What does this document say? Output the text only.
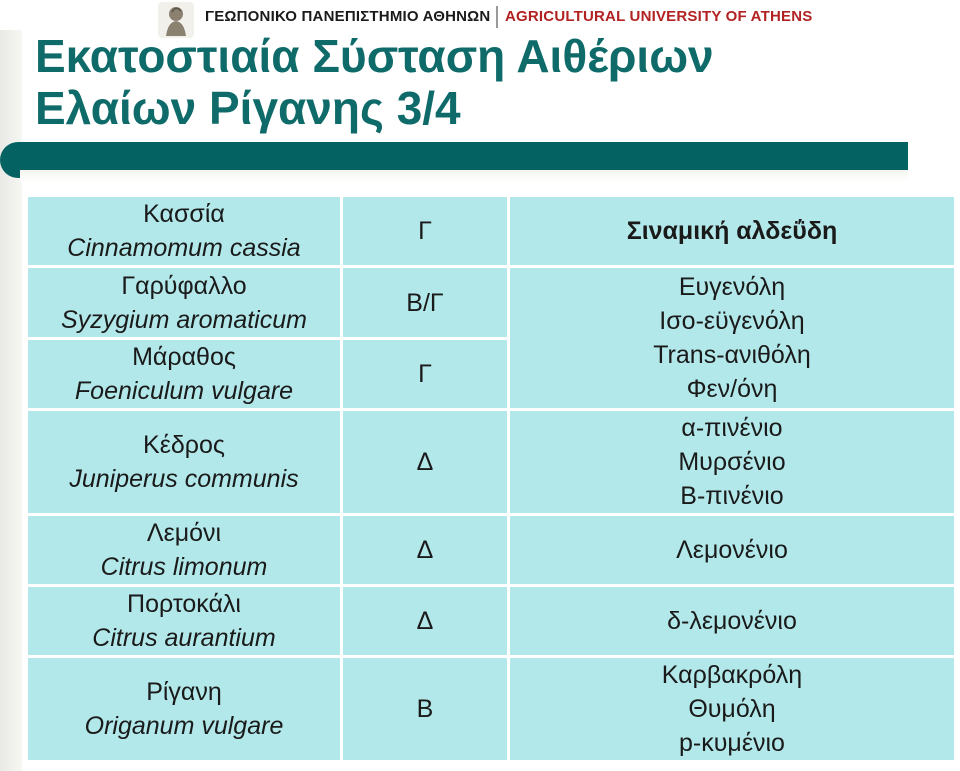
ΓΕΩΠΟΝΙΚΟ ΠΑΝΕΠΙΣΤΗΜΙΟ ΑΘΗΝΩΝ AGRICULTURAL UNIVERSITY OF ATHENS
Εκατοστιαία Σύσταση Αιθέριων
Ελαίων Ρίγανης 3/4
Κασσία
Cinnamomum cassia	Γ	Σιναμική αλδεΰδη

Γαρύφαλλο
Syzygium aromaticum	Β/Γ	Ευγενόλη
Ισο-εϋγενόλη
Trans-ανιθόλη
Φεν/όνη

Μάραθος
Foeniculum vulgare	Γ	

Κέδρος
Juniperus communis	Δ	α-πινένιο
Μυρσένιο
Β-πινένιο

Λεμόνι
Citrus limonum	Δ	Λεμονένιο

Πορτοκάλι
Citrus aurantium	Δ	δ-λεμονένιο

Ρίγανη
Origanum vulgare	Β	Καρβακρόλη
Θυμόλη
p-κυμένιο
